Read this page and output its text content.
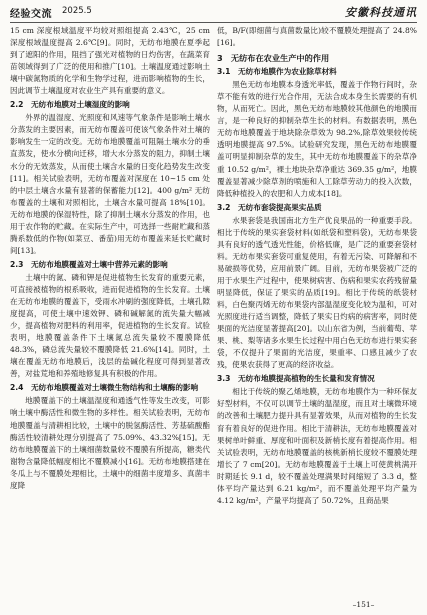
经验交流 2025.5	安徽科技通讯

15 cm 深度根域温度平均较对照组提高 2.43℃，25 cm 深度根域温度提高 2.6℃[9]。同时，无纺布地膜在夏季起到了遮阳的作用，阻挡了强光对植物的日灼伤害，在蔬菜育苗领域得到了广泛的使用和推广[10]。土壤温度通过影响土壤中碳氮物质的化学和生物学过程，进而影响植物的生长，因此调节土壤温度对农业生产具有重要的意义。

2.2　无纺布地膜对土壤湿度的影响

外界的温湿度、光照度和风速等气象条件是影响土壤水分蒸发的主要因素，而无纺布覆盖可使该气象条件对土壤的影响发生一定的改变。无纺布地膜覆盖可阻隔土壤水分的垂直蒸发，使水分横向迁移，增大水分蒸发的阻力，抑制土壤水分的无效蒸发，从而使土壤含水量的日变化趋势发生改变[11]。相关试验表明，无纺布覆盖对深度在 10~15 cm 处的中层土壤含水量有显著的保蓄能力[12]。400 g/m² 无纺布覆盖的土壤和对照相比，土壤含水量可提高 18%[10]。无纺布地膜的保湿特性，除了抑制土壤水分蒸发的作用，也用于农作物的贮藏。在实际生产中，可选择一些耐贮藏和蒸腾系数低的作物(如菜豆、番茄)用无纺布覆盖来延长贮藏时间[13]。

2.3　无纺布地膜覆盖对土壤中营养元素的影响

土壤中的氮、磷和钾是促进植物生长发育的重要元素，可直接被植物的根系吸收，进而促进植物的生长发育。土壤在无纺布地膜的覆盖下，受雨水冲刷的强度降低，土壤孔隙度提高，可使土壤中速效钾、磷和碱解氮的流失量大幅减少，提高植物对肥料的利用率，促进植物的生长发育。试验表明，地膜覆盖条件下土壤氮总流失量较不覆膜降低 48.3%，磷总流失量较不覆膜降低 21.6%[14]。同时，土壤在覆盖无纺布地膜后，浅层的盐碱化程度可得到显著改善，对盐荒地和养殖地修复具有积极的作用。

2.4　无纺布地膜覆盖对土壤微生物结构和土壤酶的影响

地膜覆盖下的土壤温湿度和通透气性等发生改变，可影响土壤中酶活性和微生物的多样性。相关试验表明，无纺布地膜覆盖与清耕相比较，土壤中的脱氢酶活性、芳基硫酸酯酶活性较清耕处理分别提高了 75.09%、43.32%[15]。无纺布地膜覆盖下的土壤细菌数量较不覆膜有所提高，糖类代谢物含量降低幅度相比不覆膜减小[16]。无纺布地膜搭建在冬瓜上与不覆膜处理相比，土壤中的细菌丰度增多、真菌丰度降

低，B/F(即细菌与真菌数量比)较不覆膜处理提高了 24.8%[16]。

3　无纺布在农业生产中的作用

3.1　无纺布地膜作为农业除草材料

黑色无纺布地膜本身透光率低，覆盖于作物行间时，杂草不能有效的进行光合作用，无法合成本身生长需要的有机物，从而死亡。因此，黑色无纺布地膜较其他颜色的地膜而言，是一种良好的抑制杂草生长的材料。有数据表明，黑色无纺布地膜覆盖于地块除杂草效为 98.2%,除草效果较传统透明地膜提高 97.5%。试验研究发现，黑色无纺布地膜覆盖可明显抑制杂草的发生，其中无纺布地膜覆盖下的杂草净重 10.52 g/m²，裸土地块杂草净重达 369.35 g/m²，地膜覆盖显著减少除草剂的喷施和人工除草劳动力的投入次数，降低种植投入的农肥和人力成本[18]。

3.2　无纺布套袋提高果实品质

水果套袋是我国南北方生产优良果品的一种重要手段。相比于传统的果实套袋材料(如纸袋和塑料袋)，无纺布果袋具有良好的透气透光性能，价格低廉，是广泛的重要套袋材料。无纺布果实套袋可重复使用，有着无污染、可降解和不易破损等优势，应用前景广阔。目前，无纺布果袋被广泛的用于水果生产过程中，使果树病害、伤病和果实农药残留量明显降低，保证了果实的品质[19]。相比于传统的纸袋材料，白色聚丙烯无纺布果袋内部温湿度变化较为温和，可对光照度进行适当调整，降低了果实日灼病的病害率，同时使果面的光洁度显著提高[20]。以山东省为例，当前葡萄、苹果、桃、梨等诸多水果生长过程中用白色无纺布进行果实套袋，不仅提升了果面的光洁度，果重率、口感且减少了农残，使果农获得了更高的经济收益。

3.3　无纺布地膜提高植物的生长量和发育情况

相比于传统的聚乙烯地膜，无纺布地膜作为一种环保友好型材料，不仅可以调节土壤的温湿度，而且对土壤微环境的改善和土壤肥力提升具有显著效果，从而对植物的生长发育有着良好的促进作用。相比于清耕法，无纺布地膜覆盖对果树单叶鲜重、厚度和叶面积及新梢长度有着提高作用。相关试验表明，无纺布地膜覆盖的核桃新梢长度较不覆膜处理增长了 7 cm[20]。无纺布地膜覆盖于土壤上可使黄桃满开时期延长 9.1 d，较不覆盖处理满果时间缩短了 3.3 d，整体平均产量达到 6.21 kg/m²，而不覆盖处理平均产量为 4.12 kg/m²，产量平均提高了 50.72%，且商品果

–151–
